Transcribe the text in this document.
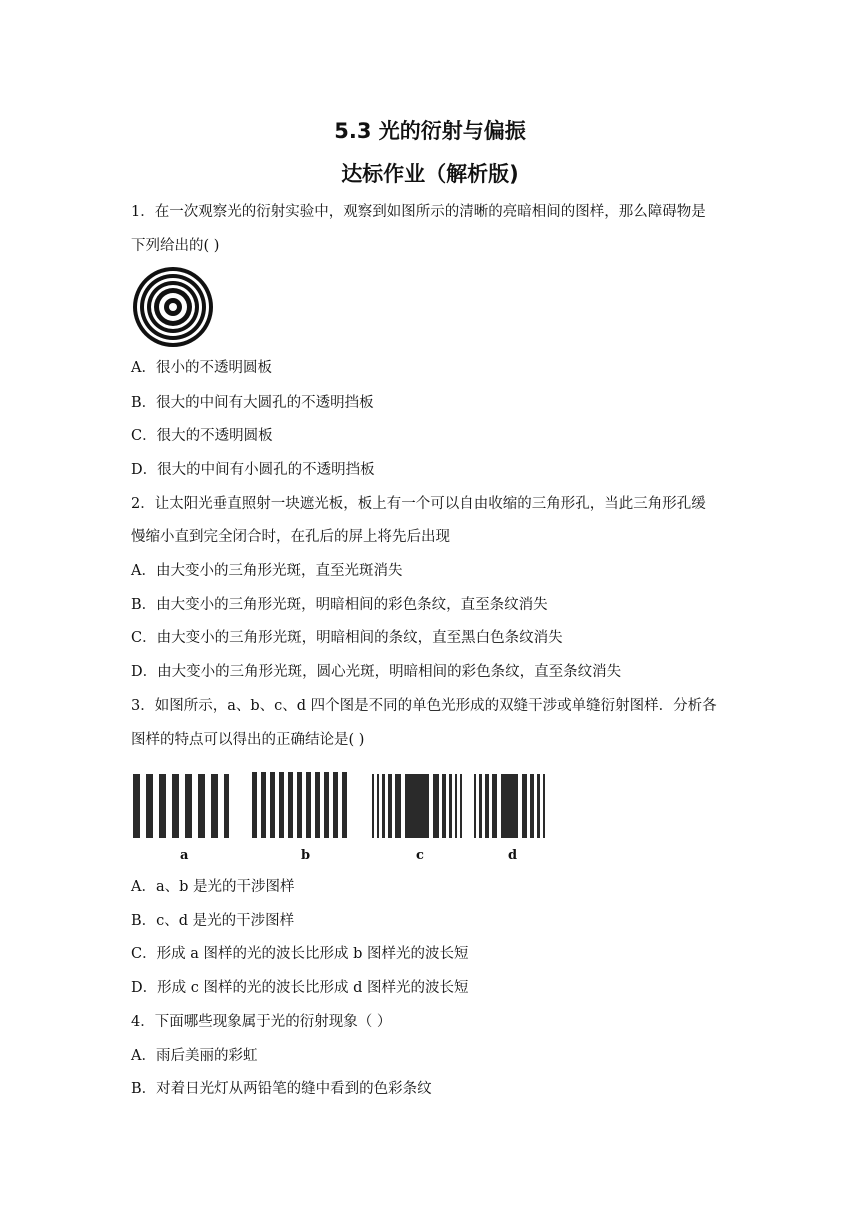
5.3 光的衍射与偏振
达标作业（解析版)
1．在一次观察光的衍射实验中，观察到如图所示的清晰的亮暗相间的图样，那么障碍物是
下列给出的( )
A．很小的不透明圆板
B．很大的中间有大圆孔的不透明挡板
C．很大的不透明圆板
D．很大的中间有小圆孔的不透明挡板
2．让太阳光垂直照射一块遮光板，板上有一个可以自由收缩的三角形孔，当此三角形孔缓
慢缩小直到完全闭合时，在孔后的屏上将先后出现
A．由大变小的三角形光斑，直至光斑消失
B．由大变小的三角形光斑，明暗相间的彩色条纹，直至条纹消失
C．由大变小的三角形光斑，明暗相间的条纹，直至黑白色条纹消失
D．由大变小的三角形光斑，圆心光斑，明暗相间的彩色条纹，直至条纹消失
3．如图所示，a、b、c、d 四个图是不同的单色光形成的双缝干涉或单缝衍射图样．分析各
图样的特点可以得出的正确结论是( )
a	b	c	d
A．a、b 是光的干涉图样
B．c、d 是光的干涉图样
C．形成 a 图样的光的波长比形成 b 图样光的波长短
D．形成 c 图样的光的波长比形成 d 图样光的波长短
4．下面哪些现象属于光的衍射现象（ ）
A．雨后美丽的彩虹
B．对着日光灯从两铅笔的缝中看到的色彩条纹
